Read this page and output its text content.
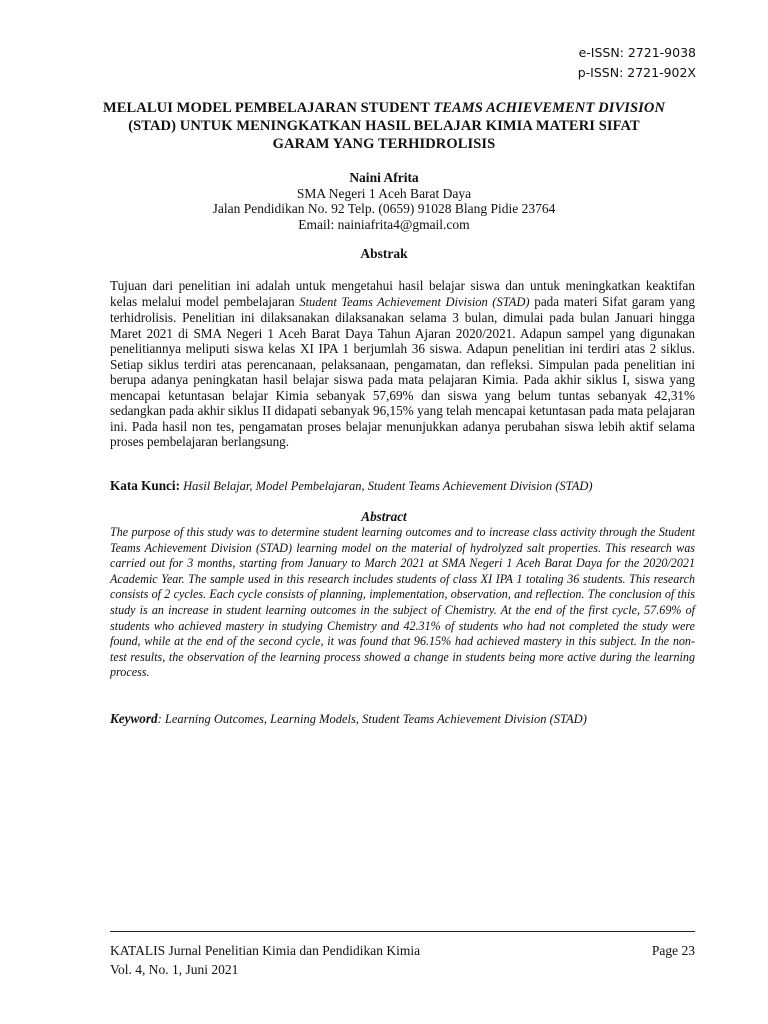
e-ISSN: 2721-9038
p-ISSN: 2721-902X
MELALUI MODEL PEMBELAJARAN STUDENT TEAMS ACHIEVEMENT DIVISION (STAD) UNTUK MENINGKATKAN HASIL BELAJAR KIMIA MATERI SIFAT GARAM YANG TERHIDROLISIS
Naini Afrita
SMA Negeri 1 Aceh Barat Daya
Jalan Pendidikan No. 92 Telp. (0659) 91028 Blang Pidie 23764
Email: nainiafrita4@gmail.com
Abstrak
Tujuan dari penelitian ini adalah untuk mengetahui hasil belajar siswa dan untuk meningkatkan keaktifan kelas melalui model pembelajaran Student Teams Achievement Division (STAD) pada materi Sifat garam yang terhidrolisis. Penelitian ini dilaksanakan dilaksanakan selama 3 bulan, dimulai pada bulan Januari hingga Maret 2021 di SMA Negeri 1 Aceh Barat Daya Tahun Ajaran 2020/2021. Adapun sampel yang digunakan penelitiannya meliputi siswa kelas XI IPA 1 berjumlah 36 siswa. Adapun penelitian ini terdiri atas 2 siklus. Setiap siklus terdiri atas perencanaan, pelaksanaan, pengamatan, dan refleksi. Simpulan pada penelitian ini berupa adanya peningkatan hasil belajar siswa pada mata pelajaran Kimia. Pada akhir siklus I, siswa yang mencapai ketuntasan belajar Kimia sebanyak 57,69% dan siswa yang belum tuntas sebanyak 42,31% sedangkan pada akhir siklus II didapati sebanyak 96,15% yang telah mencapai ketuntasan pada mata pelajaran ini. Pada hasil non tes, pengamatan proses belajar menunjukkan adanya perubahan siswa lebih aktif selama proses pembelajaran berlangsung.
Kata Kunci: Hasil Belajar, Model Pembelajaran, Student Teams Achievement Division (STAD)
Abstract
The purpose of this study was to determine student learning outcomes and to increase class activity through the Student Teams Achievement Division (STAD) learning model on the material of hydrolyzed salt properties. This research was carried out for 3 months, starting from January to March 2021 at SMA Negeri 1 Aceh Barat Daya for the 2020/2021 Academic Year. The sample used in this research includes students of class XI IPA 1 totaling 36 students. This research consists of 2 cycles. Each cycle consists of planning, implementation, observation, and reflection. The conclusion of this study is an increase in student learning outcomes in the subject of Chemistry. At the end of the first cycle, 57.69% of students who achieved mastery in studying Chemistry and 42.31% of students who had not completed the study were found, while at the end of the second cycle, it was found that 96.15% had achieved mastery in this subject. In the non-test results, the observation of the learning process showed a change in students being more active during the learning process.
Keyword: Learning Outcomes, Learning Models, Student Teams Achievement Division (STAD)
KATALIS Jurnal Penelitian Kimia dan Pendidikan Kimia	Page 23
Vol. 4, No. 1, Juni 2021
